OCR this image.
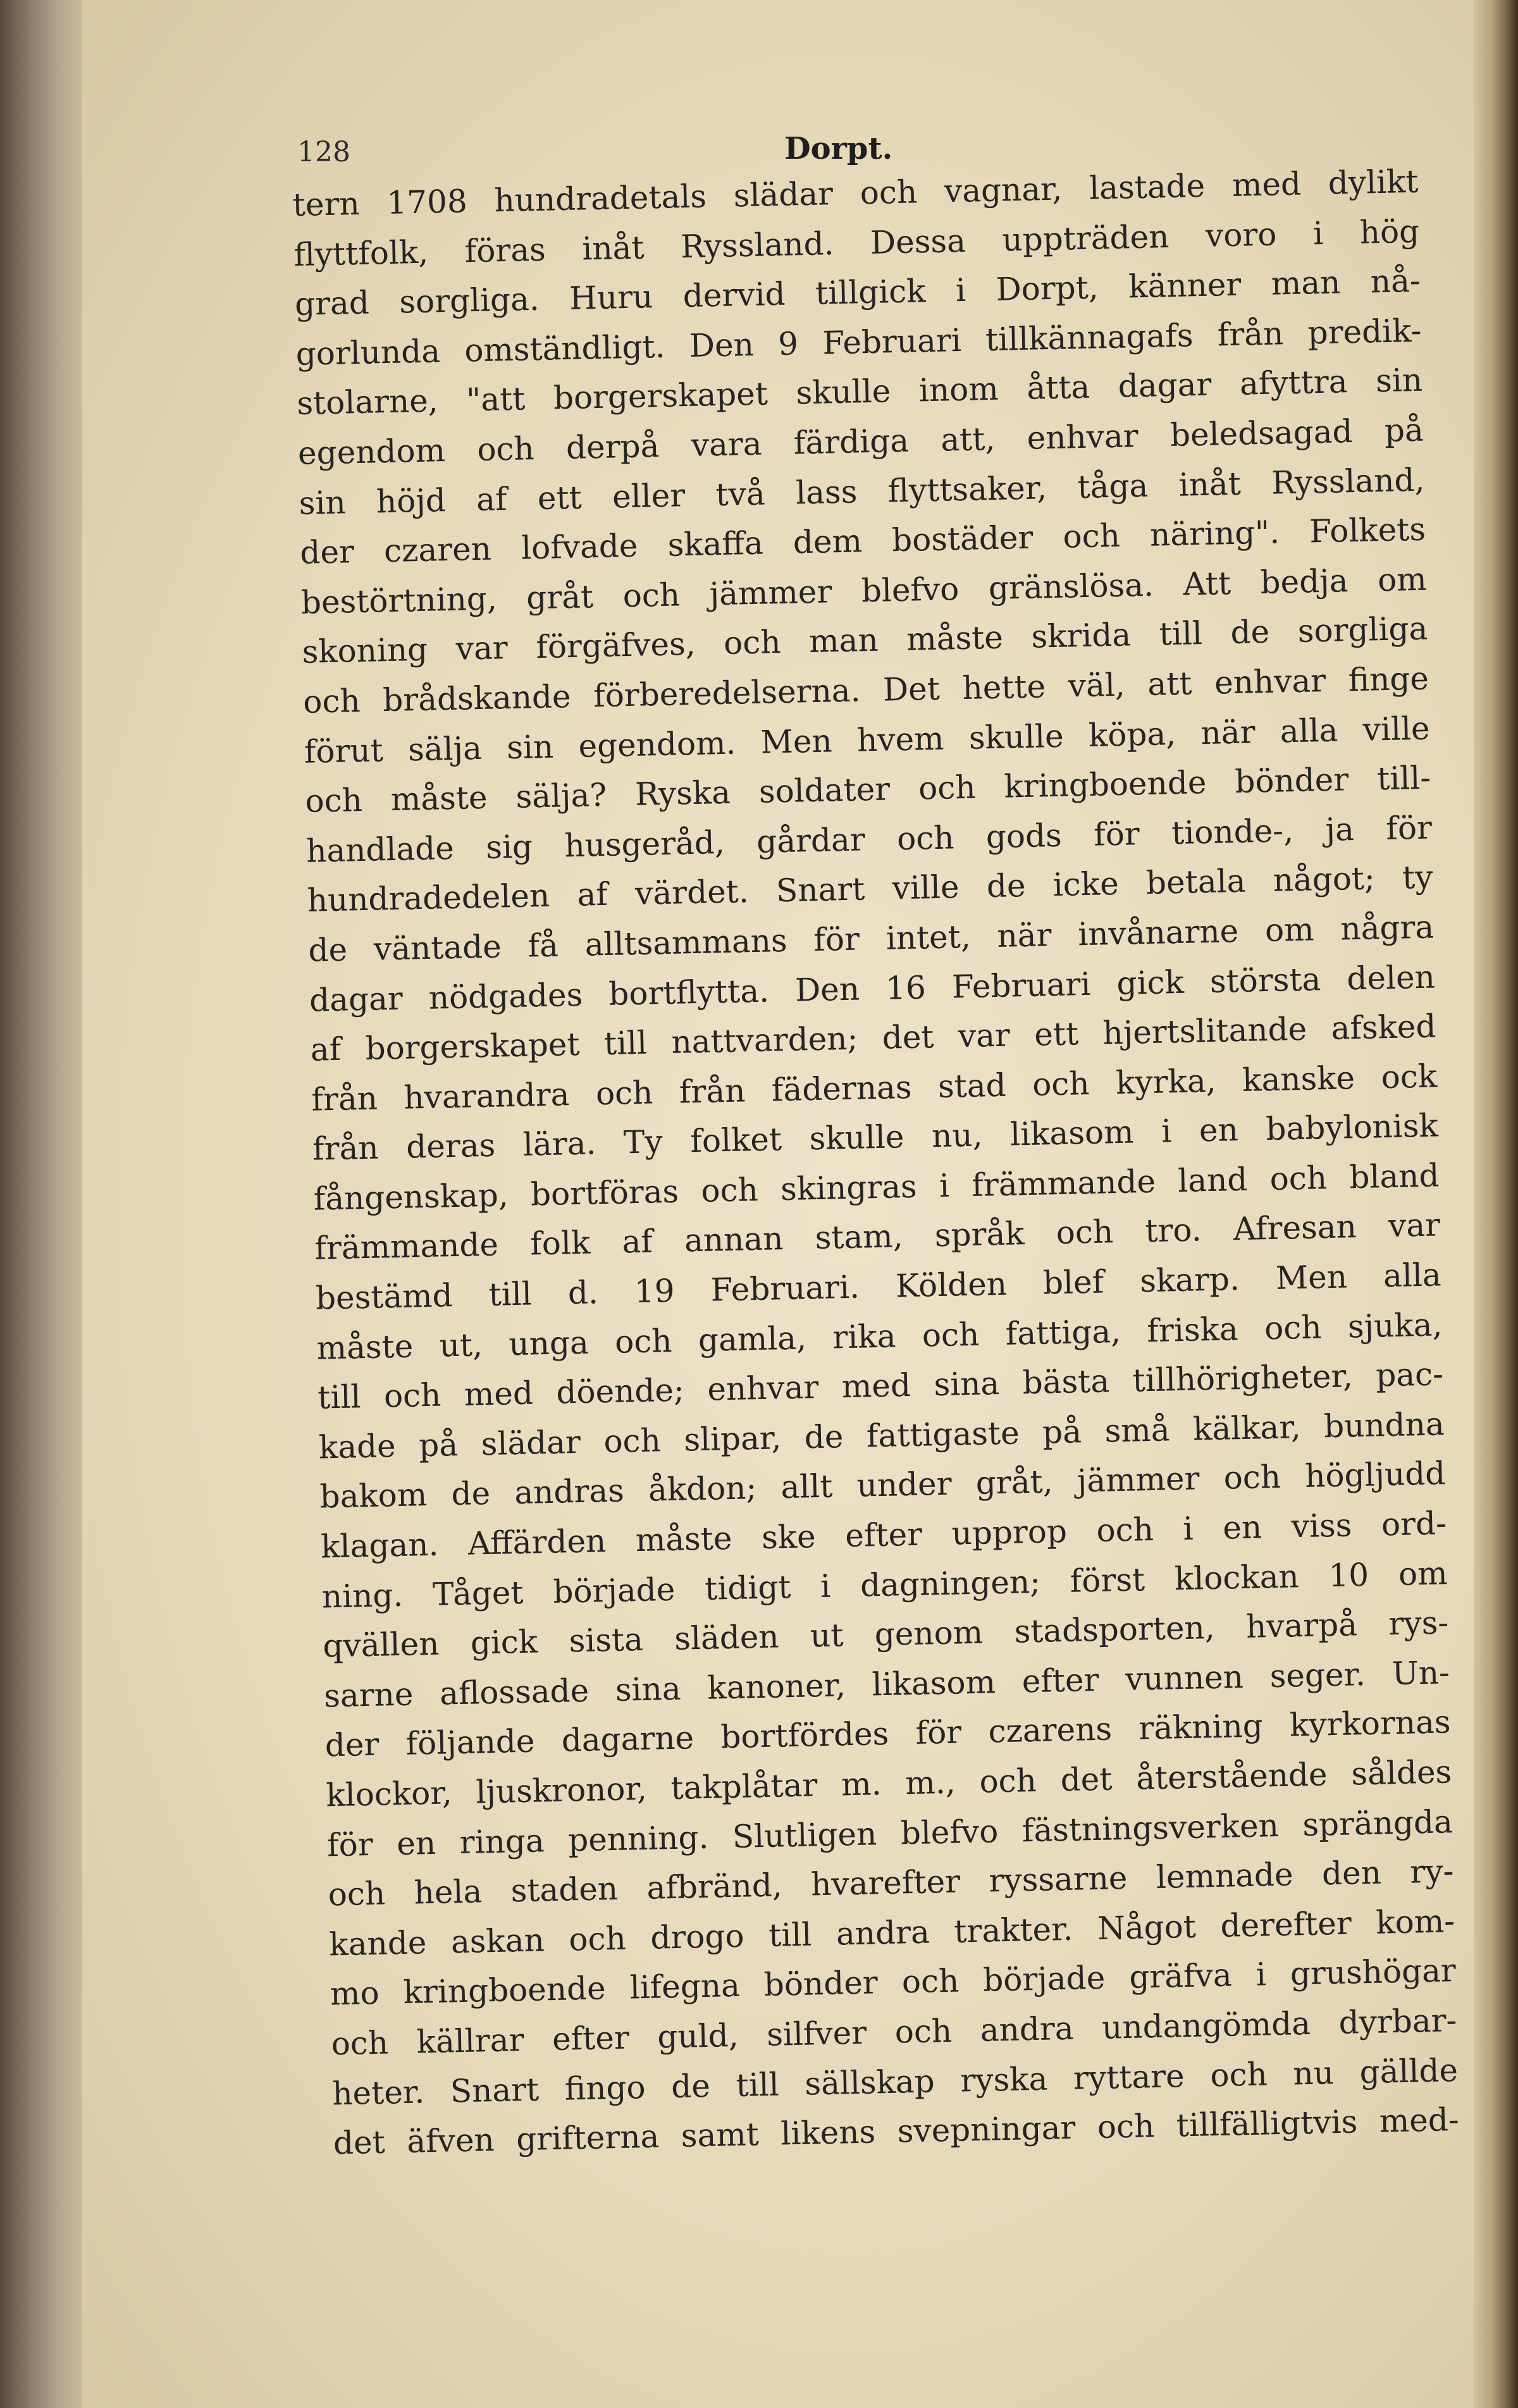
128	Dorpt.
tern 1708 hundradetals slädar och vagnar, lastade med dylikt
flyttfolk, föras inåt Ryssland. Dessa uppträden voro i hög
grad sorgliga. Huru dervid tillgick i Dorpt, känner man nå-
gorlunda omständligt. Den 9 Februari tillkännagafs från predik-
stolarne, "att borgerskapet skulle inom åtta dagar afyttra sin
egendom och derpå vara färdiga att, enhvar beledsagad på
sin höjd af ett eller två lass flyttsaker, tåga inåt Ryssland,
der czaren lofvade skaffa dem bostäder och näring". Folkets
bestörtning, gråt och jämmer blefvo gränslösa. Att bedja om
skoning var förgäfves, och man måste skrida till de sorgliga
och brådskande förberedelserna. Det hette väl, att enhvar finge
förut sälja sin egendom. Men hvem skulle köpa, när alla ville
och måste sälja? Ryska soldater och kringboende bönder till-
handlade sig husgeråd, gårdar och gods för tionde-, ja för
hundradedelen af värdet. Snart ville de icke betala något; ty
de väntade få alltsammans för intet, när invånarne om några
dagar nödgades bortflytta. Den 16 Februari gick största delen
af borgerskapet till nattvarden; det var ett hjertslitande afsked
från hvarandra och från fädernas stad och kyrka, kanske ock
från deras lära. Ty folket skulle nu, likasom i en babylonisk
fångenskap, bortföras och skingras i främmande land och bland
främmande folk af annan stam, språk och tro. Afresan var
bestämd till d. 19 Februari. Kölden blef skarp. Men alla
måste ut, unga och gamla, rika och fattiga, friska och sjuka,
till och med döende; enhvar med sina bästa tillhörigheter, pac-
kade på slädar och slipar, de fattigaste på små kälkar, bundna
bakom de andras åkdon; allt under gråt, jämmer och högljudd
klagan. Affärden måste ske efter upprop och i en viss ord-
ning. Tåget började tidigt i dagningen; först klockan 10 om
qvällen gick sista släden ut genom stadsporten, hvarpå rys-
sarne aflossade sina kanoner, likasom efter vunnen seger. Un-
der följande dagarne bortfördes för czarens räkning kyrkornas
klockor, ljuskronor, takplåtar m. m., och det återstående såldes
för en ringa penning. Slutligen blefvo fästningsverken sprängda
och hela staden afbränd, hvarefter ryssarne lemnade den ry-
kande askan och drogo till andra trakter. Något derefter kom-
mo kringboende lifegna bönder och började gräfva i grushögar
och källrar efter guld, silfver och andra undangömda dyrbar-
heter. Snart fingo de till sällskap ryska ryttare och nu gällde
det äfven grifterna samt likens svepningar och tillfälligtvis med-
